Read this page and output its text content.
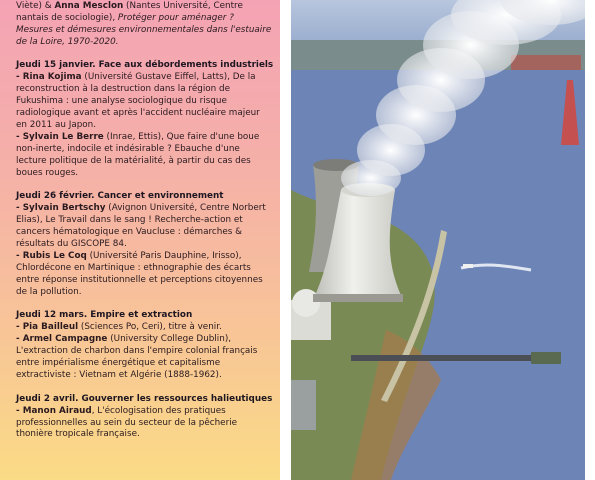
Viète) & Anna Mesclon (Nantes Université, Centre
nantais de sociologie), Protéger pour aménager ?
Mesures et démesures environnementales dans l'estuaire
de la Loire, 1970-2020.
Jeudi 15 janvier. Face aux débordements industriels
- Rina Kojima (Université Gustave Eiffel, Latts), De la
reconstruction à la destruction dans la région de
Fukushima : une analyse sociologique du risque
radiologique avant et après l'accident nucléaire majeur
en 2011 au Japon.
- Sylvain Le Berre (Inrae, Ettis), Que faire d'une boue
non-inerte, indocile et indésirable ? Ebauche d'une
lecture politique de la matérialité, à partir du cas des
boues rouges.
Jeudi 26 février. Cancer et environnement
- Sylvain Bertschy (Avignon Université, Centre Norbert
Elias), Le Travail dans le sang ! Recherche-action et
cancers hématologique en Vaucluse : démarches &
résultats du GISCOPE 84.
- Rubis Le Coq (Université Paris Dauphine, Irisso),
Chlordécone en Martinique : ethnographie des écarts
entre réponse institutionnelle et perceptions citoyennes
de la pollution.
Jeudi 12 mars. Empire et extraction
- Pia Bailleul (Sciences Po, Ceri), titre à venir.
- Armel Campagne (University College Dublin),
L'extraction de charbon dans l'empire colonial français
entre impérialisme énergétique et capitalisme
extractiviste : Vietnam et Algérie (1888-1962).
Jeudi 2 avril. Gouverner les ressources halieutiques
- Manon Airaud, L'écologisation des pratiques
professionnelles au sein du secteur de la pêcherie
thonière tropicale française.
